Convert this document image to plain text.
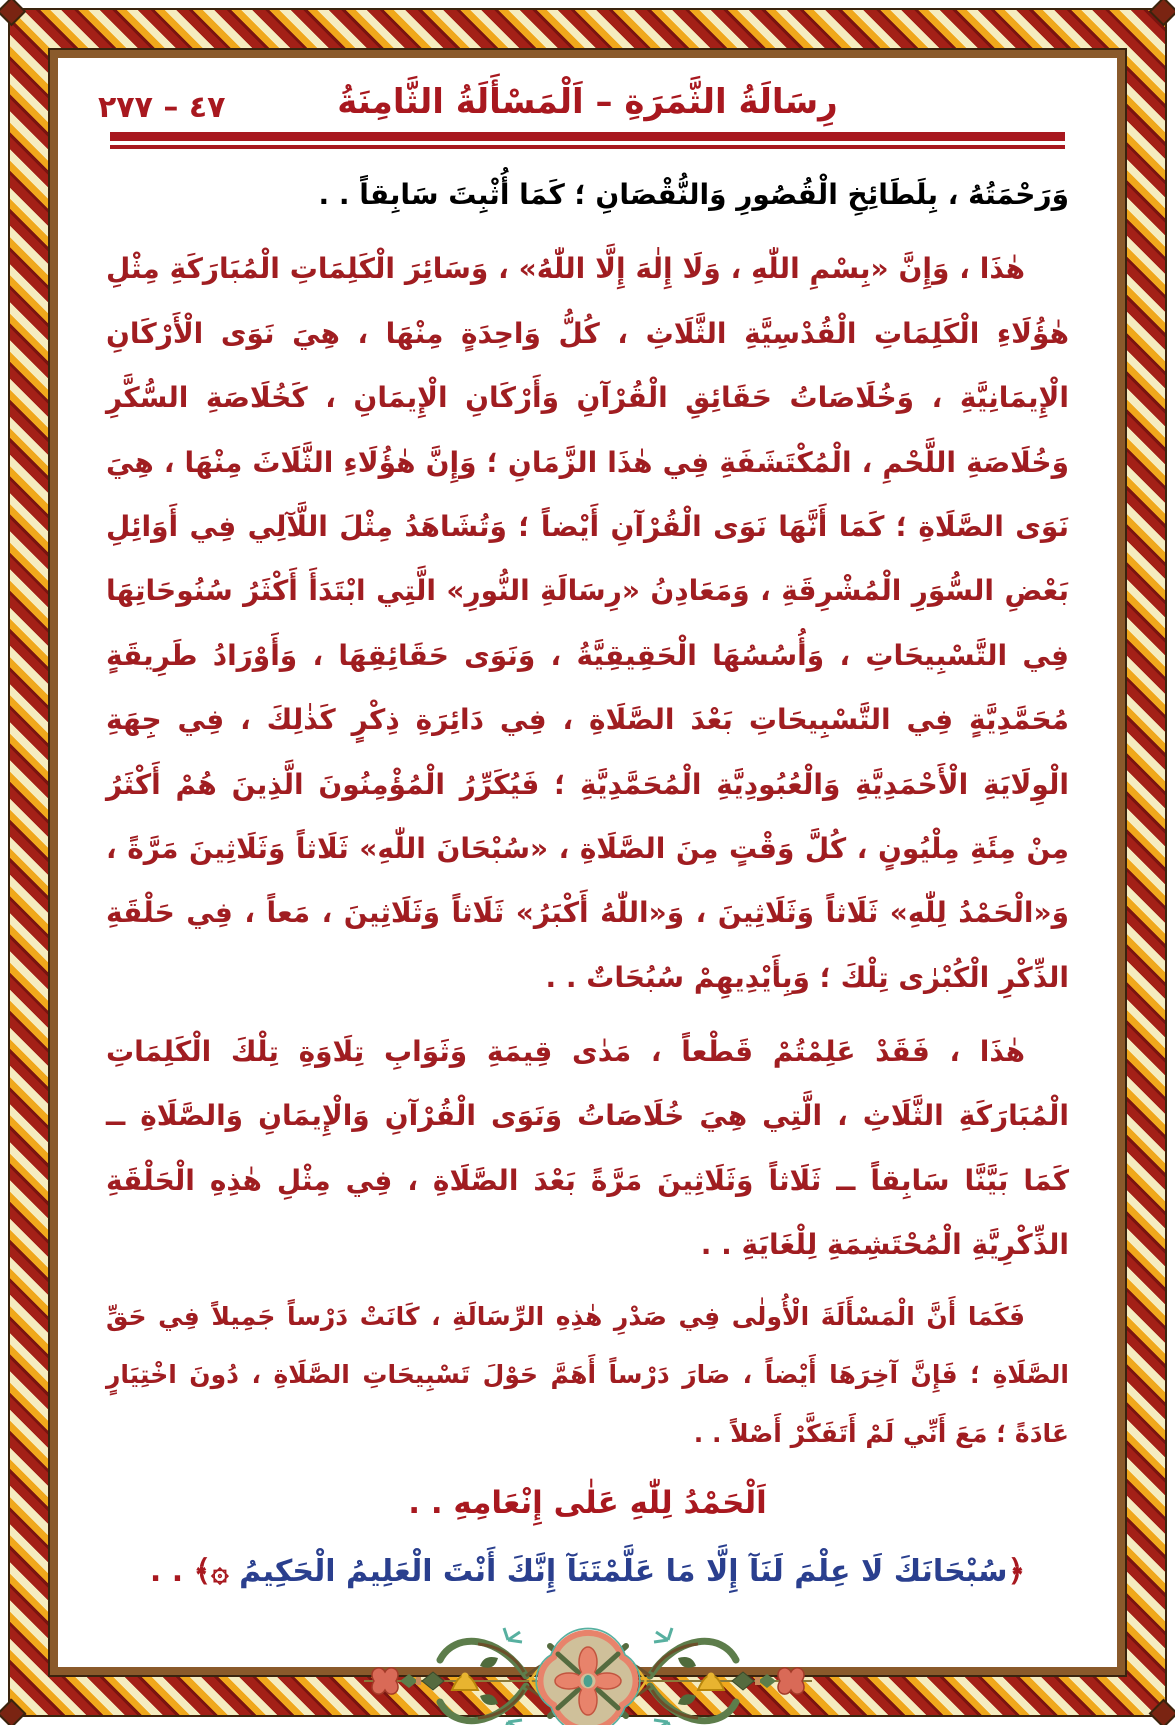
٤٧ – ٢٧٧	رِسَالَةُ الثَّمَرَةِ – اَلْمَسْأَلَةُ الثَّامِنَةُ

وَرَحْمَتُهُ ، بِلَطَائِخِ الْقُصُورِ وَالنُّقْصَانِ ؛ كَمَا أُثْبِتَ سَابِقاً . .

هٰذَا ، وَإِنَّ «بِسْمِ اللّٰهِ ، وَلَا إِلٰهَ إِلَّا اللّٰهُ» ، وَسَائِرَ الْكَلِمَاتِ الْمُبَارَكَةِ مِثْلِ هٰؤُلَاءِ الْكَلِمَاتِ الْقُدْسِيَّةِ الثَّلَاثِ ، كُلُّ وَاحِدَةٍ مِنْهَا ، هِيَ نَوَى الْأَرْكَانِ الْإِيمَانِيَّةِ ، وَخُلَاصَاتُ حَقَائِقِ الْقُرْآنِ وَأَرْكَانِ الْإِيمَانِ ، كَخُلَاصَةِ السُّكَّرِ وَخُلَاصَةِ اللَّحْمِ ، الْمُكْتَشَفَةِ فِي هٰذَا الزَّمَانِ ؛ وَإِنَّ هٰؤُلَاءِ الثَّلَاثَ مِنْهَا ، هِيَ نَوَى الصَّلَاةِ ؛ كَمَا أَنَّهَا نَوَى الْقُرْآنِ أَيْضاً ؛ وَتُشَاهَدُ مِثْلَ اللَّآلِي فِي أَوَائِلِ بَعْضِ السُّوَرِ الْمُشْرِقَةِ ، وَمَعَادِنُ «رِسَالَةِ النُّورِ» الَّتِي ابْتَدَأَ أَكْثَرُ سُنُوحَاتِهَا فِي التَّسْبِيحَاتِ ، وَأُسُسُهَا الْحَقِيقِيَّةُ ، وَنَوَى حَقَائِقِهَا ، وَأَوْرَادُ طَرِيقَةٍ مُحَمَّدِيَّةٍ فِي التَّسْبِيحَاتِ بَعْدَ الصَّلَاةِ ، فِي دَائِرَةِ ذِكْرٍ كَذٰلِكَ ، فِي جِهَةِ الْوِلَايَةِ الْأَحْمَدِيَّةِ وَالْعُبُودِيَّةِ الْمُحَمَّدِيَّةِ ؛ فَيُكَرِّرُ الْمُؤْمِنُونَ الَّذِينَ هُمْ أَكْثَرُ مِنْ مِئَةِ مِلْيُونٍ ، كُلَّ وَقْتٍ مِنَ الصَّلَاةِ ، «سُبْحَانَ اللّٰهِ» ثَلَاثاً وَثَلَاثِينَ مَرَّةً ، وَ«الْحَمْدُ لِلّٰهِ» ثَلَاثاً وَثَلَاثِينَ ، وَ«اللّٰهُ أَكْبَرُ» ثَلَاثاً وَثَلَاثِينَ ، مَعاً ، فِي حَلْقَةِ الذِّكْرِ الْكُبْرٰى تِلْكَ ؛ وَبِأَيْدِيهِمْ سُبُحَاتٌ . .

هٰذَا ، فَقَدْ عَلِمْتُمْ قَطْعاً ، مَدٰى قِيمَةِ وَثَوَابِ تِلَاوَةِ تِلْكَ الْكَلِمَاتِ الْمُبَارَكَةِ الثَّلَاثِ ، الَّتِي هِيَ خُلَاصَاتُ وَنَوَى الْقُرْآنِ وَالْإِيمَانِ وَالصَّلَاةِ ــ كَمَا بَيَّنَّا سَابِقاً ــ ثَلَاثاً وَثَلَاثِينَ مَرَّةً بَعْدَ الصَّلَاةِ ، فِي مِثْلِ هٰذِهِ الْحَلْقَةِ الذِّكْرِيَّةِ الْمُحْتَشِمَةِ لِلْغَايَةِ . .

فَكَمَا أَنَّ الْمَسْأَلَةَ الْأُولٰى فِي صَدْرِ هٰذِهِ الرِّسَالَةِ ، كَانَتْ دَرْساً جَمِيلاً فِي حَقِّ الصَّلَاةِ ؛ فَإِنَّ آخِرَهَا أَيْضاً ، صَارَ دَرْساً أَهَمَّ حَوْلَ تَسْبِيحَاتِ الصَّلَاةِ ، دُونَ اخْتِيَارٍ عَادَةً ؛ مَعَ أَنِّي لَمْ أَتَفَكَّرْ أَصْلاً . .

اَلْحَمْدُ لِلّٰهِ عَلٰى إِنْعَامِهِ . .

﴿سُبْحَانَكَ لَا عِلْمَ لَنَآ إِلَّا مَا عَلَّمْتَنَآ إِنَّكَ أَنْتَ الْعَلِيمُ الْحَكِيمُ ۞﴾ . .
